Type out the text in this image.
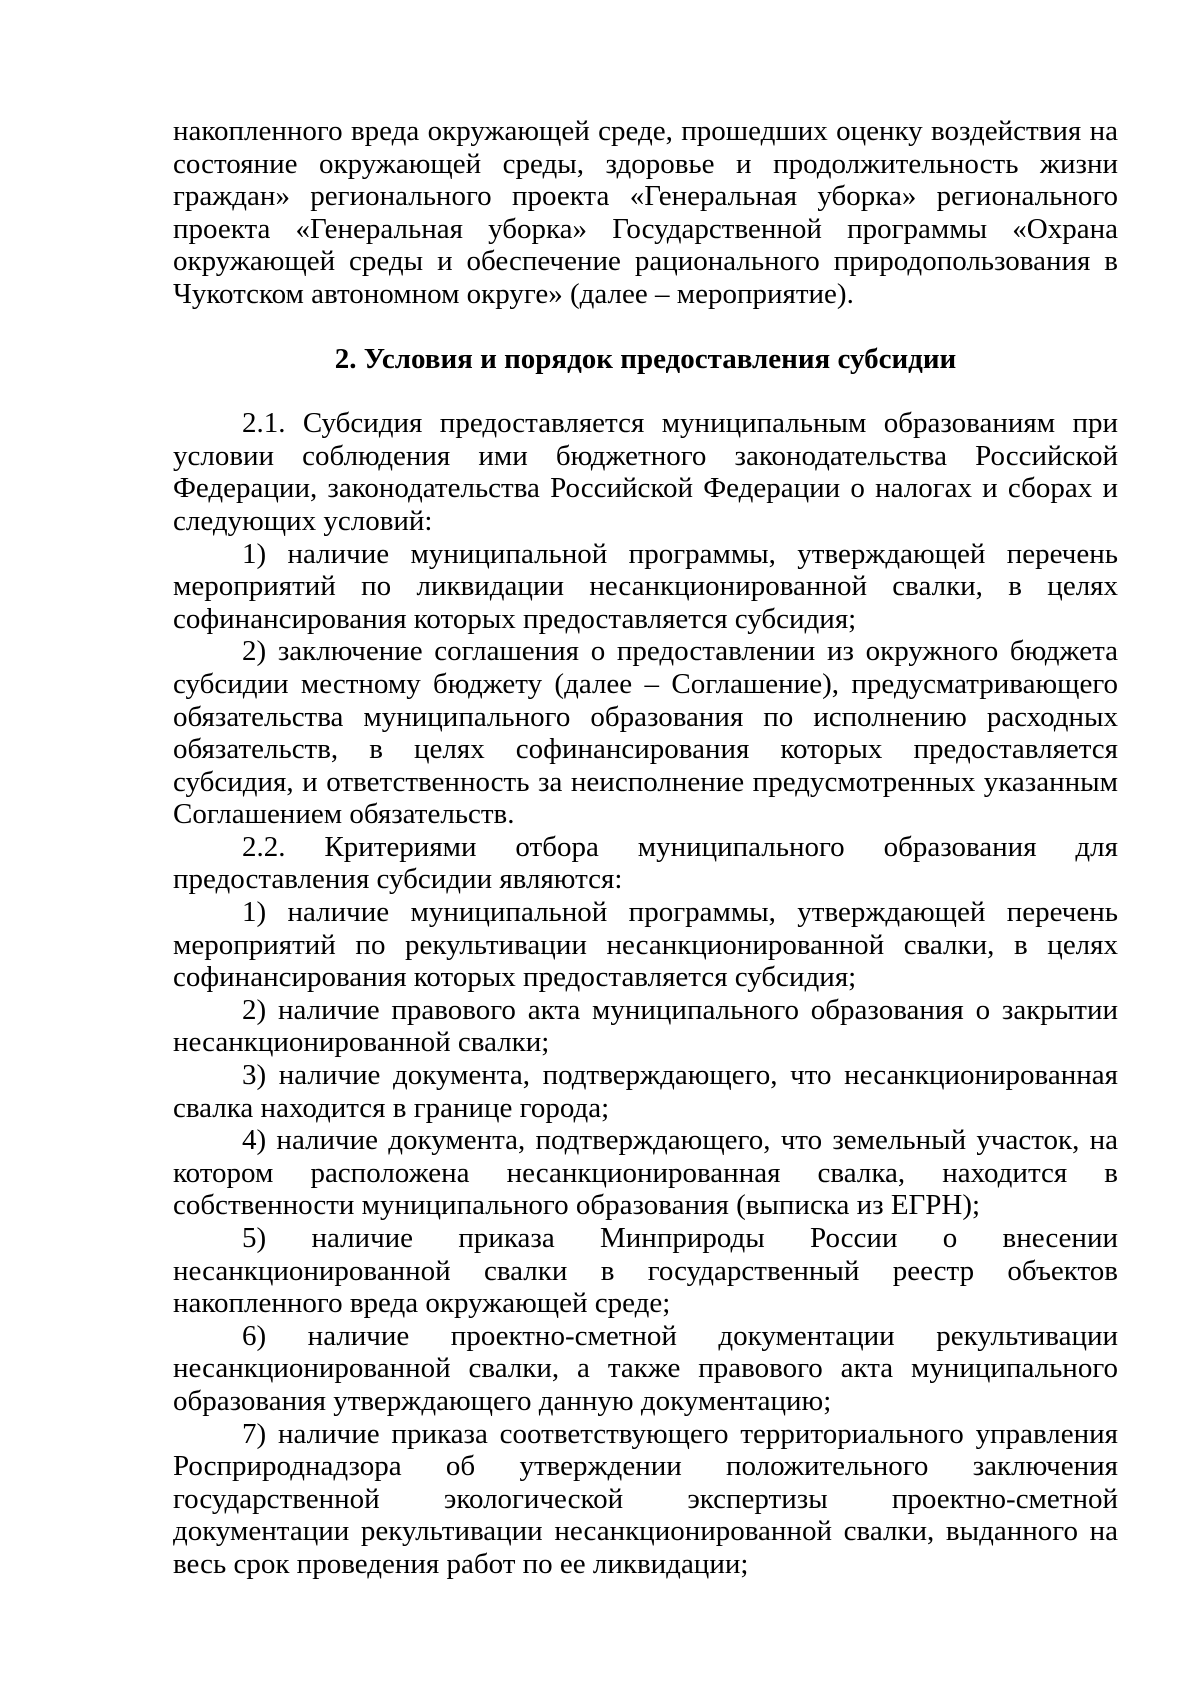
накопленного вреда окружающей среде, прошедших оценку воздействия на состояние окружающей среды, здоровье и продолжительность жизни граждан» регионального проекта «Генеральная уборка» регионального проекта «Генеральная уборка» Государственной программы «Охрана окружающей среды и обеспечение рационального природопользования в Чукотском автономном округе» (далее – мероприятие).

2. Условия и порядок предоставления субсидии

2.1. Субсидия предоставляется муниципальным образованиям при условии соблюдения ими бюджетного законодательства Российской Федерации, законодательства Российской Федерации о налогах и сборах и следующих условий:

1) наличие муниципальной программы, утверждающей перечень мероприятий по ликвидации несанкционированной свалки, в целях софинансирования которых предоставляется субсидия;

2) заключение соглашения о предоставлении из окружного бюджета субсидии местному бюджету (далее – Соглашение), предусматривающего обязательства муниципального образования по исполнению расходных обязательств, в целях софинансирования которых предоставляется субсидия, и ответственность за неисполнение предусмотренных указанным Соглашением обязательств.

2.2. Критериями отбора муниципального образования для предоставления субсидии являются:

1) наличие муниципальной программы, утверждающей перечень мероприятий по рекультивации несанкционированной свалки, в целях софинансирования которых предоставляется субсидия;

2) наличие правового акта муниципального образования о закрытии несанкционированной свалки;

3) наличие документа, подтверждающего, что несанкционированная свалка находится в границе города;

4) наличие документа, подтверждающего, что земельный участок, на котором расположена несанкционированная свалка, находится в собственности муниципального образования (выписка из ЕГРН);

5) наличие приказа Минприроды России о внесении несанкционированной свалки в государственный реестр объектов накопленного вреда окружающей среде;

6) наличие проектно-сметной документации рекультивации несанкционированной свалки, а также правового акта муниципального образования утверждающего данную документацию;

7) наличие приказа соответствующего территориального управления Росприроднадзора об утверждении положительного заключения государственной экологической экспертизы проектно-сметной документации рекультивации несанкционированной свалки, выданного на весь срок проведения работ по ее ликвидации;
